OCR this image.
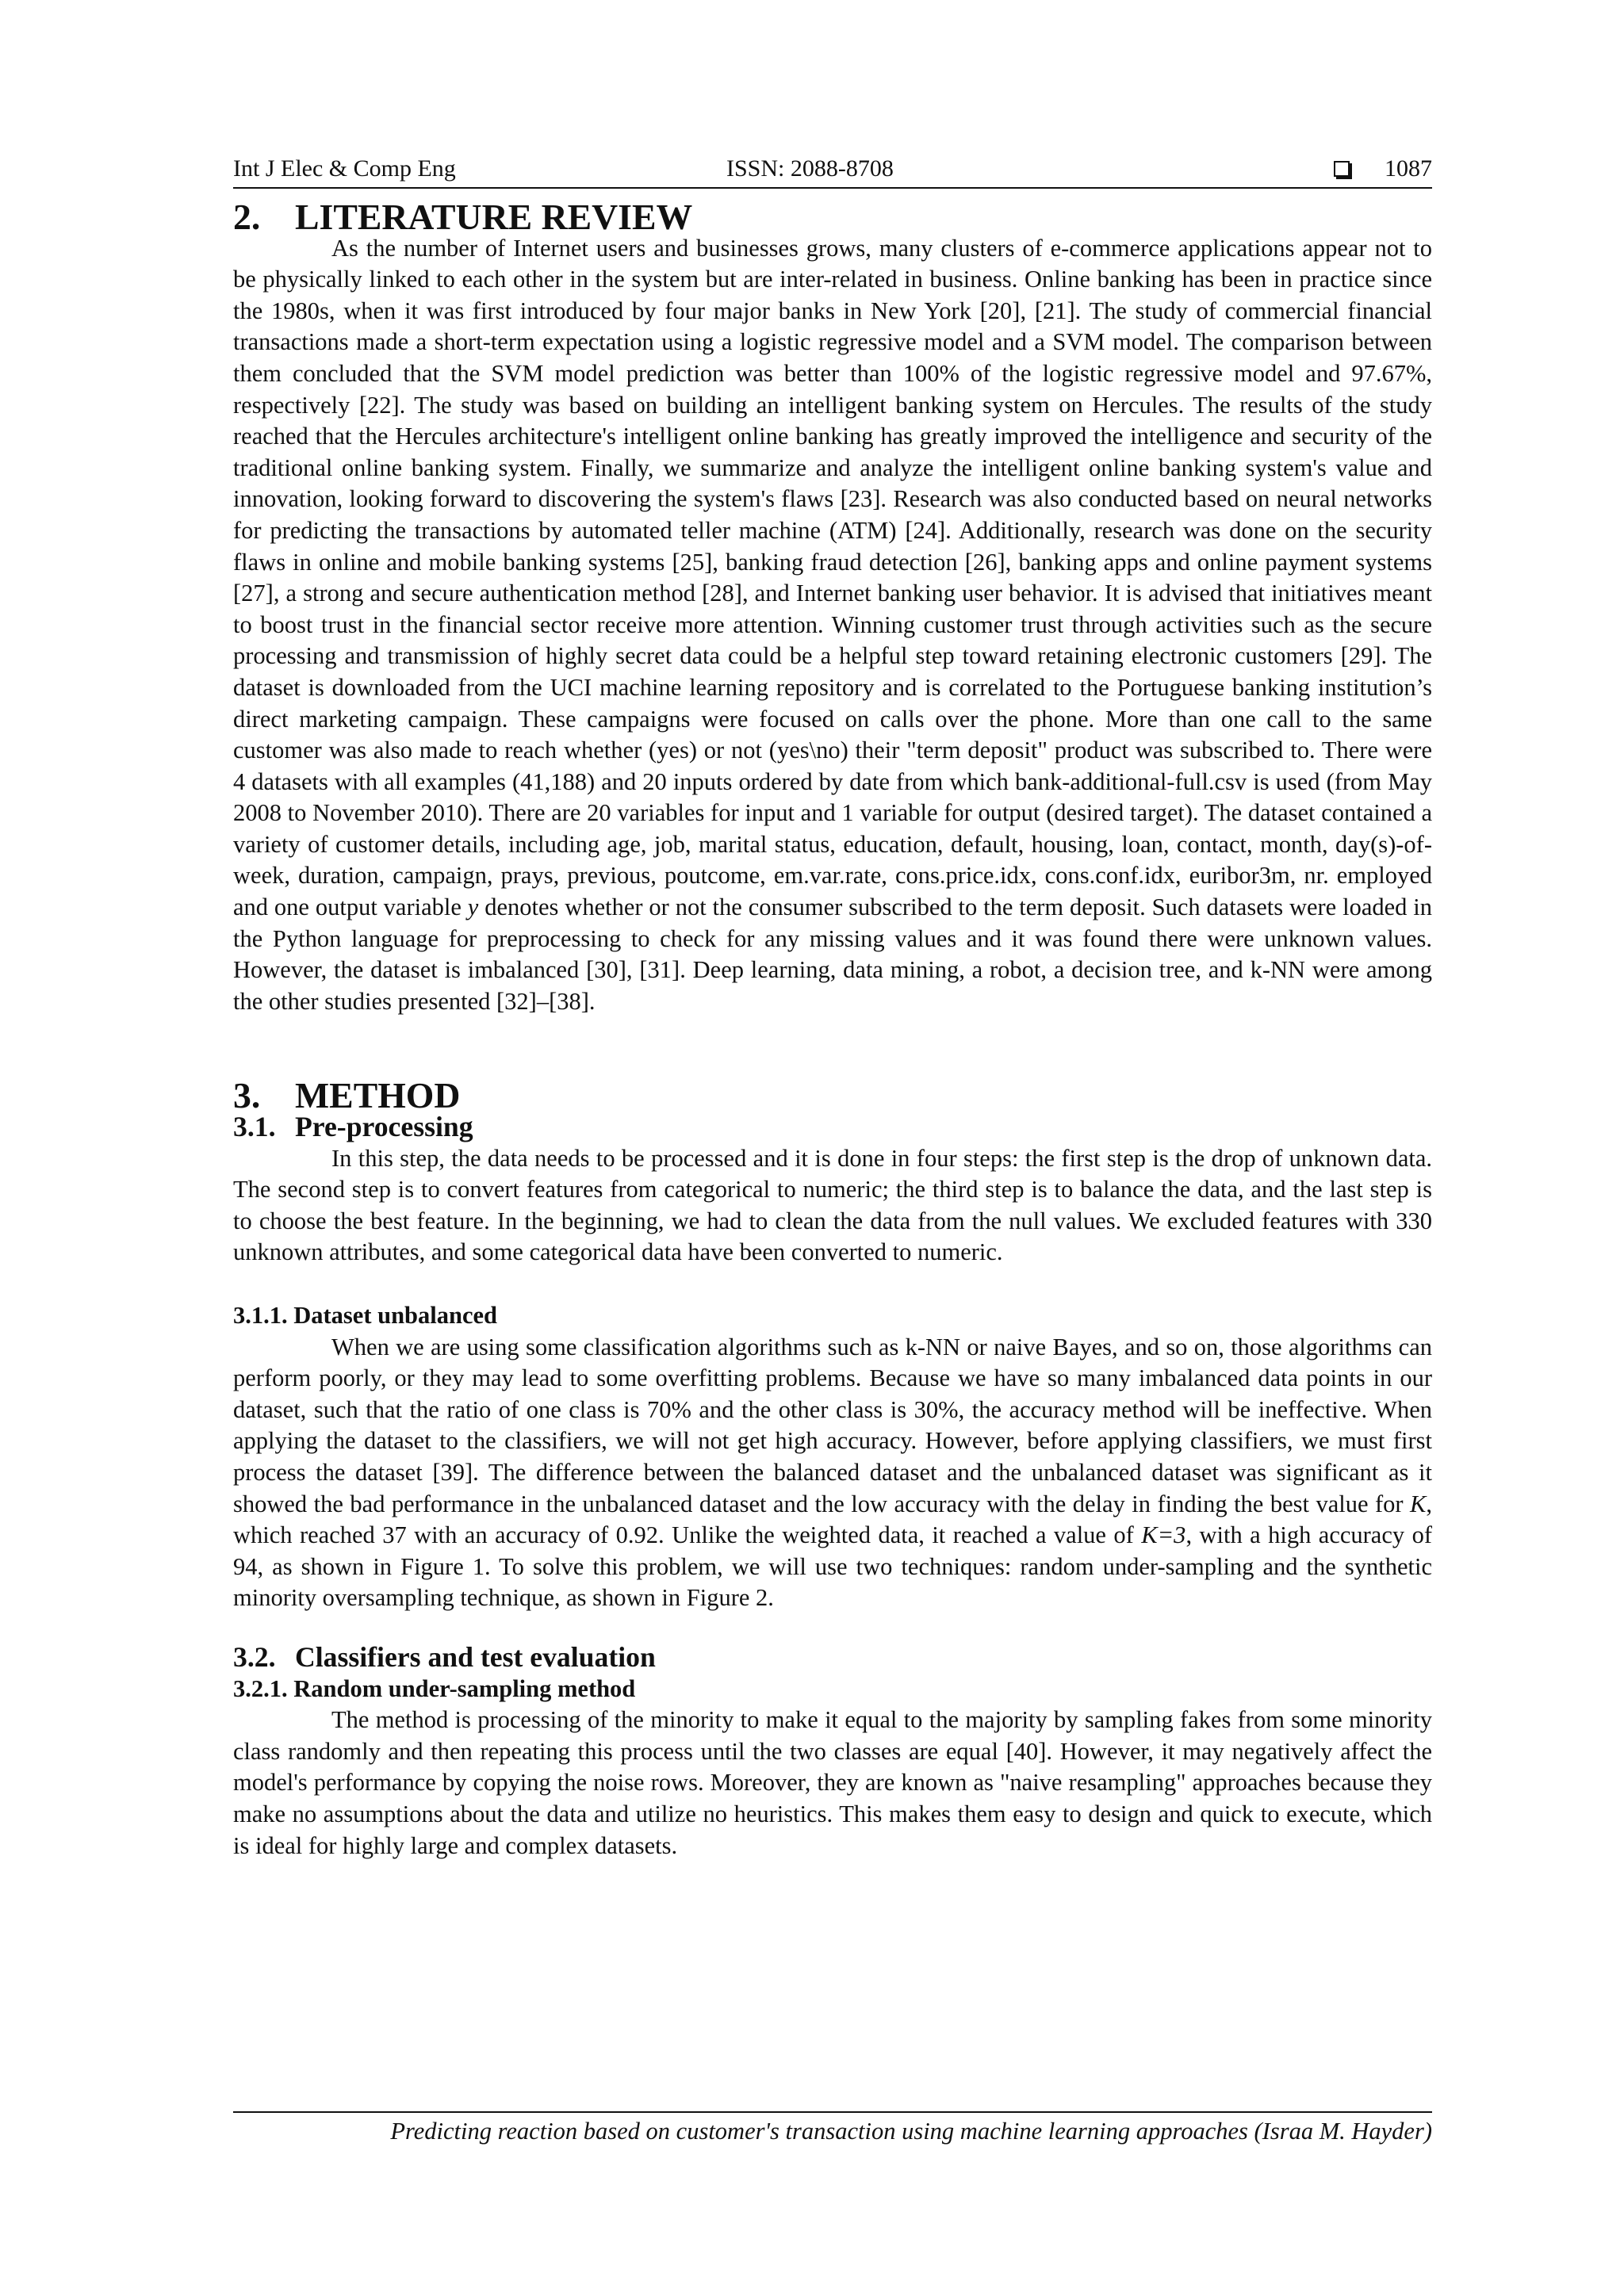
Int J Elec & Comp Eng	ISSN: 2088-8708	1087
2. LITERATURE REVIEW

As the number of Internet users and businesses grows, many clusters of e-commerce applications appear not to be physically linked to each other in the system but are inter-related in business. Online banking has been in practice since the 1980s, when it was first introduced by four major banks in New York [20], [21]. The study of commercial financial transactions made a short-term expectation using a logistic regressive model and a SVM model. The comparison between them concluded that the SVM model prediction was better than 100% of the logistic regressive model and 97.67%, respectively [22]. The study was based on building an intelligent banking system on Hercules. The results of the study reached that the Hercules architecture's intelligent online banking has greatly improved the intelligence and security of the traditional online banking system. Finally, we summarize and analyze the intelligent online banking system's value and innovation, looking forward to discovering the system's flaws [23]. Research was also conducted based on neural networks for predicting the transactions by automated teller machine (ATM) [24]. Additionally, research was done on the security flaws in online and mobile banking systems [25], banking fraud detection [26], banking apps and online payment systems [27], a strong and secure authentication method [28], and Internet banking user behavior. It is advised that initiatives meant to boost trust in the financial sector receive more attention. Winning customer trust through activities such as the secure processing and transmission of highly secret data could be a helpful step toward retaining electronic customers [29]. The dataset is downloaded from the UCI machine learning repository and is correlated to the Portuguese banking institution’s direct marketing campaign. These campaigns were focused on calls over the phone. More than one call to the same customer was also made to reach whether (yes) or not (yes\no) their "term deposit" product was subscribed to. There were 4 datasets with all examples (41,188) and 20 inputs ordered by date from which bank-additional-full.csv is used (from May 2008 to November 2010). There are 20 variables for input and 1 variable for output (desired target). The dataset contained a variety of customer details, including age, job, marital status, education, default, housing, loan, contact, month, day(s)-of-week, duration, campaign, prays, previous, poutcome, em.var.rate, cons.price.idx, cons.conf.idx, euribor3m, nr. employed and one output variable y denotes whether or not the consumer subscribed to the term deposit. Such datasets were loaded in the Python language for preprocessing to check for any missing values and it was found there were unknown values. However, the dataset is imbalanced [30], [31]. Deep learning, data mining, a robot, a decision tree, and k-NN were among the other studies presented [32]‒[38].

3. METHOD
3.1. Pre-processing

In this step, the data needs to be processed and it is done in four steps: the first step is the drop of unknown data. The second step is to convert features from categorical to numeric; the third step is to balance the data, and the last step is to choose the best feature. In the beginning, we had to clean the data from the null values. We excluded features with 330 unknown attributes, and some categorical data have been converted to numeric.

3.1.1. Dataset unbalanced

When we are using some classification algorithms such as k-NN or naive Bayes, and so on, those algorithms can perform poorly, or they may lead to some overfitting problems. Because we have so many imbalanced data points in our dataset, such that the ratio of one class is 70% and the other class is 30%, the accuracy method will be ineffective. When applying the dataset to the classifiers, we will not get high accuracy. However, before applying classifiers, we must first process the dataset [39]. The difference between the balanced dataset and the unbalanced dataset was significant as it showed the bad performance in the unbalanced dataset and the low accuracy with the delay in finding the best value for K, which reached 37 with an accuracy of 0.92. Unlike the weighted data, it reached a value of K=3, with a high accuracy of 94, as shown in Figure 1. To solve this problem, we will use two techniques: random under-sampling and the synthetic minority oversampling technique, as shown in Figure 2.

3.2. Classifiers and test evaluation
3.2.1. Random under-sampling method

The method is processing of the minority to make it equal to the majority by sampling fakes from some minority class randomly and then repeating this process until the two classes are equal [40]. However, it may negatively affect the model's performance by copying the noise rows. Moreover, they are known as "naive resampling" approaches because they make no assumptions about the data and utilize no heuristics. This makes them easy to design and quick to execute, which is ideal for highly large and complex datasets.

Predicting reaction based on customer's transaction using machine learning approaches (Israa M. Hayder)
